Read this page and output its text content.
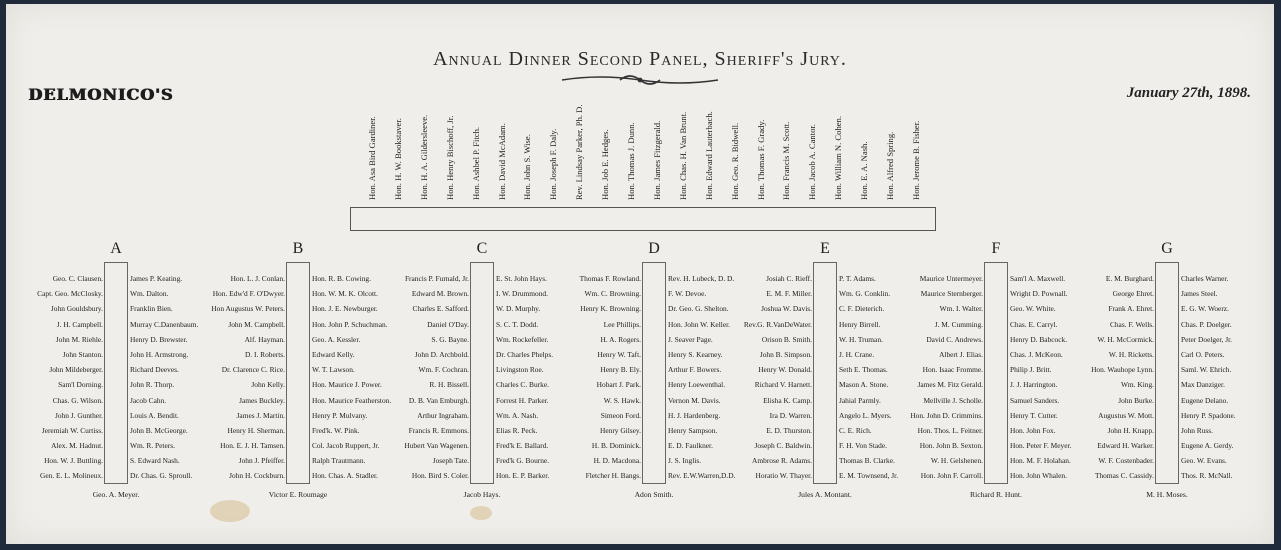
DELMONICO'S
Annual Dinner Second Panel, Sheriff's Jury.
January 27th, 1898.
Hon. Asa Bird Gardiner. Hon. H. W. Bookstaver. Hon. H. A. Gildersleeve. Hon. Henry Bischoff, Jr. Hon. Ashbel P. Fitch. Hon. David McAdam. Hon. John S. Wise. Hon. Joseph F. Daly. Rev. Lindsay Parker, Ph. D. Hon. Job E. Hedges. Hon. Thomas J. Dunn. Hon. James Fitzgerald. Hon. Chas. H. Van Brunt. Hon. Edward Lauterbach. Hon. Geo. R. Bidwell. Hon. Thomas F. Grady. Hon. Francis M. Scott. Hon. Jacob A. Cantor. Hon. William N. Cohen. Hon. E. A. Nash. Hon. Alfred Spring. Hon. Jerome B. Fisher.
A
Geo. C. Clausen.
Capt. Geo. McClosky.
John Gouldsbury.
J. H. Campbell.
John M. Riehle.
John Stanton.
John Mildeberger.
Sam'l Dorning.
Chas. G. Wilson.
John J. Gunther.
Jeremiah W. Curtiss.
Alex. M. Hadnut.
Hon. W. J. Buttling.
Gen. E. L. Molineux.
James P. Keating.
Wm. Dalton.
Franklin Bien.
Murray C.Danenbaum.
Henry D. Brewster.
John H. Armstrong.
Richard Deeves.
John R. Thorp.
Jacob Cahn.
Louis A. Bendit.
John B. McGeorge.
Wm. R. Peters.
S. Edward Nash.
Dr. Chas. G. Sproull.
Geo. A. Meyer.
B
Hon. L. J. Conlan.
Hon. Edw'd F. O'Dwyer.
Hon Augustus W. Peters.
John M. Campbell.
Alf. Hayman.
D. I. Roberts.
Dr. Clarence C. Rice.
John Kelly.
James Buckley.
James J. Martin.
Henry H. Sherman.
Hon. E. J. H. Tamsen.
John J. Pfeiffer.
John H. Cockburn.
Hon. R. B. Cowing.
Hon. W. M. K. Olcott.
Hon. J. E. Newburger.
Hon. John P. Schuchman.
Geo. A. Kessler.
Edward Kelly.
W. T. Lawson.
Hon. Maurice J. Power.
Hon. Maurice Featherston.
Henry P. Mulvany.
Fred'k. W. Pink.
Col. Jacob Ruppert, Jr.
Ralph Trautmann.
Hon. Chas. A. Stadler.
Victor E. Roumage
C
Francis P. Furnald, Jr.
Edward M. Brown.
Charles E. Safford.
Daniel O'Day.
S. G. Bayne.
John D. Archbold.
Wm. F. Cochran.
R. H. Bissell.
D. B. Van Emburgh.
Arthur Ingraham.
Francis R. Emmons.
Hubert Van Wagenen.
Joseph Tate.
Hon. Bird S. Coler.
E. St. John Hays.
I. W. Drummond.
W. D. Murphy.
S. C. T. Dodd.
Wm. Rockefeller.
Dr. Charles Phelps.
Livingston Roe.
Charles C. Burke.
Forrest H. Parker.
Wm. A. Nash.
Elias R. Peck.
Fred'k E. Ballard.
Fred'k G. Bourne.
Hon. E. P. Barker.
Jacob Hays.
D
Thomas F. Rowland.
Wm. C. Browning.
Henry K. Browning.
Lee Phillips.
H. A. Rogers.
Henry W. Taft.
Henry B. Ely.
Hobart J. Park.
W. S. Hawk.
Simeon Ford.
Henry Gilsey.
H. B. Dominick.
H. D. Macdona.
Fletcher H. Bangs.
Rev. H. Lubeck, D. D.
F. W. Devoe.
Dr. Geo. G. Shelton.
Hon. John W. Keller.
J. Seaver Page.
Henry S. Kearney.
Arthur F. Bowers.
Henry Loewenthal.
Vernon M. Davis.
H. J. Hardenberg.
Henry Sampson.
E. D. Faulkner.
J. S. Inglis.
Rev. E.W.Warren,D.D.
Adon Smith.
E
Josiah C. Rieff.
E. M. F. Miller.
Joshua W. Davis.
Rev.G. R.VanDeWater.
Orison B. Smith.
John B. Simpson.
Henry W. Donald.
Richard V. Harnett.
Elisha K. Camp.
Ira D. Warren.
E. D. Thurston.
Joseph C. Baldwin.
Ambrose R. Adams.
Horatio W. Thayer.
P. T. Adams.
Wm. G. Conklin.
C. F. Dieterich.
Henry Birrell.
W. H. Truman.
J. H. Crane.
Seth E. Thomas.
Mason A. Stone.
Jahial Parmly.
Angelo L. Myers.
C. E. Rich.
F. H. Von Stade.
Thomas B. Clarke.
E. M. Townsend, Jr.
Jules A. Montant.
F
Maurice Untermeyer.
Maurice Sternberger.
Wm. I. Walter.
J. M. Cumming.
David C. Andrews.
Albert J. Elias.
Hon. Isaac Fromme.
James M. Fitz Gerald.
Mellville J. Scholle.
Hon. John D. Crimmins.
Hon. Thos. L. Feitner.
Hon. John B. Sexton.
W. H. Gelshenen.
Hon. John F. Carroll.
Sam'l A. Maxwell.
Wright D. Pownall.
Geo. W. White.
Chas. E. Carryl.
Henry D. Babcock.
Chas. J. McKeon.
Philip J. Britt.
J. J. Harrington.
Samuel Sanders.
Henry T. Cutter.
Hon. John Fox.
Hon. Peter F. Meyer.
Hon. M. F. Holahan.
Hon. John Whalen.
Richard R. Hunt.
G
E. M. Burghard.
George Ehret.
Frank A. Ehret.
Chas. F. Wells.
W. H. McCormick.
W. H. Ricketts.
Hon. Wauhope Lynn.
Wm. King.
John Burke.
Augustus W. Mott.
John H. Knapp.
Edward H. Warker.
W. F. Costenbader.
Thomas C. Cassidy.
Charles Warner.
James Steel.
E. G. W. Woerz.
Chas. P. Doelger.
Peter Doelger, Jr.
Carl O. Peters.
Saml. W. Ehrich.
Max Danziger.
Eugene Delano.
Henry P. Spadone.
John Russ.
Eugene A. Gerdy.
Geo. W. Evans.
Thos. R. McNall.
M. H. Moses.
